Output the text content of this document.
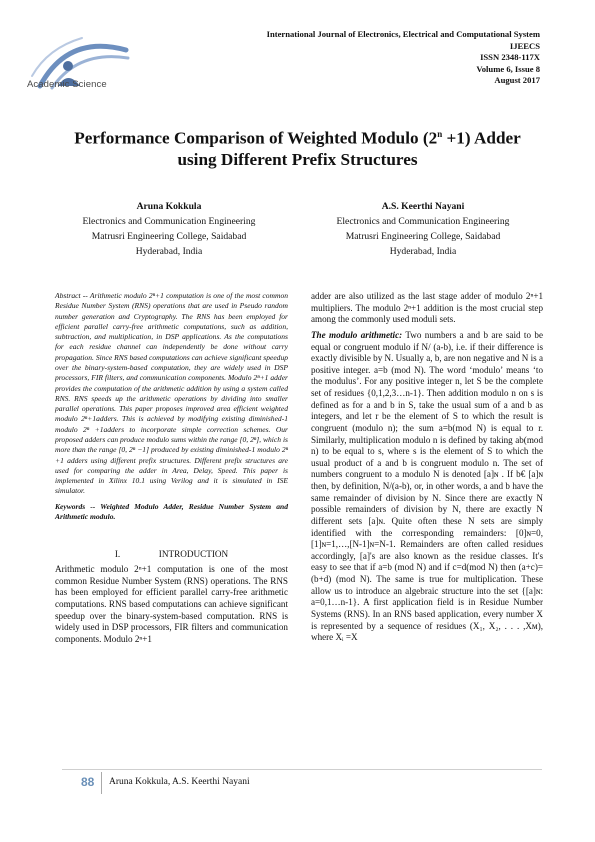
Academic Science
International Journal of Electronics, Electrical and Computational System
IJEECS
ISSN 2348-117X
Volume 6, Issue 8
August 2017
Performance Comparison of Weighted Modulo $(2^n +1)$ Adder
using Different Prefix Structures
Aruna Kokkula
Electronics and Communication Engineering
Matrusri Engineering College, Saidabad
Hyderabad, India
A.S. Keerthi Nayani
Electronics and Communication Engineering
Matrusri Engineering College, Saidabad
Hyderabad, India

Abstract -- Arithmetic modulo 2ⁿ+1 computation is one of the most common Residue Number System (RNS) operations that are used in Pseudo random number generation and Cryptography. The RNS has been employed for efficient parallel carry-free arithmetic computations, such as addition, subtraction, and multiplication, in DSP applications. As the computations for each residue channel can independently be done without carry propagation. Since RNS based computations can achieve significant speedup over the binary-system-based computation, they are widely used in DSP processors, FIR filters, and communication components. Modulo 2ⁿ+1 adder provides the computation of the arithmetic addition by using a system called RNS. RNS speeds up the arithmetic operations by dividing into smaller parallel operations. This paper proposes improved area efficient weighted modulo 2ⁿ+1adders. This is achieved by modifying existing diminished-1 modulo 2ⁿ +1adders to incorporate simple correction schemes. Our proposed adders can produce modulo sums within the range [0, 2ⁿ], which is more than the range [0, 2ⁿ −1] produced by existing diminished-1 modulo 2ⁿ +1 adders using different prefix structures. Different prefix structures are used for comparing the adder in Area, Delay, Speed. This paper is implemented in Xilinx 10.1 using Verilog and it is simulated in ISE simulator.

Keywords -- Weighted Modulo Adder, Residue Number System and Arithmetic modulo.

I.	INTRODUCTION

Arithmetic modulo 2ⁿ+1 computation is one of the most common Residue Number System (RNS) operations. The RNS has been employed for efficient parallel carry-free arithmetic computations. RNS based computations can achieve significant speedup over the binary-system-based computation. RNS is widely used in DSP processors, FIR filters and communication components. Modulo 2ⁿ+1

adder are also utilized as the last stage adder of modulo 2ⁿ+1 multipliers. The modulo 2ⁿ+1 addition is the most crucial step among the commonly used moduli sets.

The modulo arithmetic: Two numbers a and b are said to be equal or congruent modulo if N/ (a-b), i.e. if their difference is exactly divisible by N. Usually a, b, are non negative and N is a positive integer. a=b (mod N). The word ‘modulo’ means ‘to the modulus’. For any positive integer n, let S be the complete set of residues {0,1,2,3…n-1}. Then addition modulo n on s is defined as for a and b in S, take the usual sum of a and b as integers, and let r be the element of S to which the result is congruent (modulo n); the sum a=b(mod N) is equal to r. Similarly, multiplication modulo n is defined by taking ab(mod n) to be equal to s, where s is the element of S to which the usual product of a and b is congruent modulo n. The set of numbers congruent to a modulo N is denoted [a]ɴ . If b€ [a]ɴ then, by definition, N/(a-b), or, in other words, a and b have the same remainder of division by N. Since there are exactly N possible remainders of division by N, there are exactly N different sets [a]ɴ. Quite often these N sets are simply identified with the corresponding remainders: [0]ɴ=0,[1]ɴ=1,…,[N-1]ɴ=N-1. Remainders are often called residues accordingly, [a]'s are also known as the residue classes. It's easy to see that if a=b (mod N) and if c=d(mod N) then (a+c)=(b+d) (mod N). The same is true for multiplication. These allow us to introduce an algebraic structure into the set {[a]ɴ: a=0,1…n-1}. A first application field is in Residue Number Systems (RNS). In an RNS based application, every number X is represented by a sequence of residues (X₁, X₂, . . . ,Xᴍ), where Xᵢ =X

88 Aruna Kokkula, A.S. Keerthi Nayani
